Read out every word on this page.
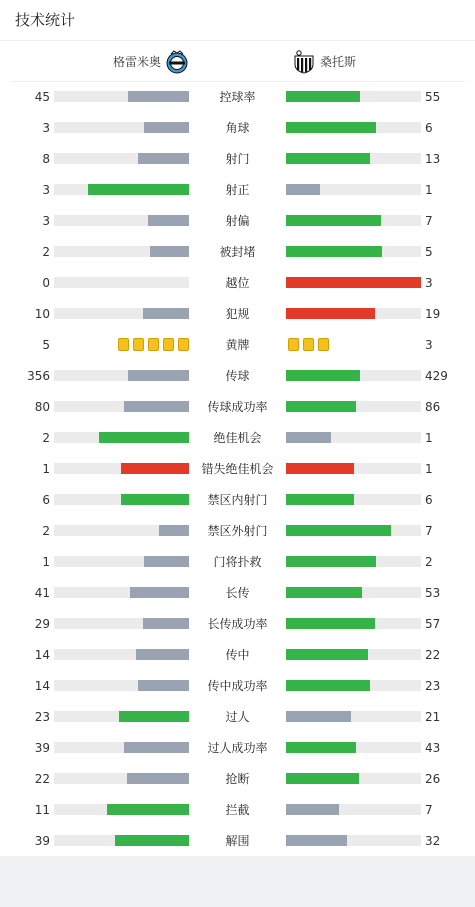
技术统计
格雷米奥	桑托斯
45	控球率	55
3	角球	6
8	射门	13
3	射正	1
3	射偏	7
2	被封堵	5
0	越位	3
10	犯规	19
5	黄牌	3
356	传球	429
80	传球成功率	86
2	绝佳机会	1
1	错失绝佳机会	1
6	禁区内射门	6
2	禁区外射门	7
1	门将扑救	2
41	长传	53
29	长传成功率	57
14	传中	22
14	传中成功率	23
23	过人	21
39	过人成功率	43
22	抢断	26
11	拦截	7
39	解围	32
